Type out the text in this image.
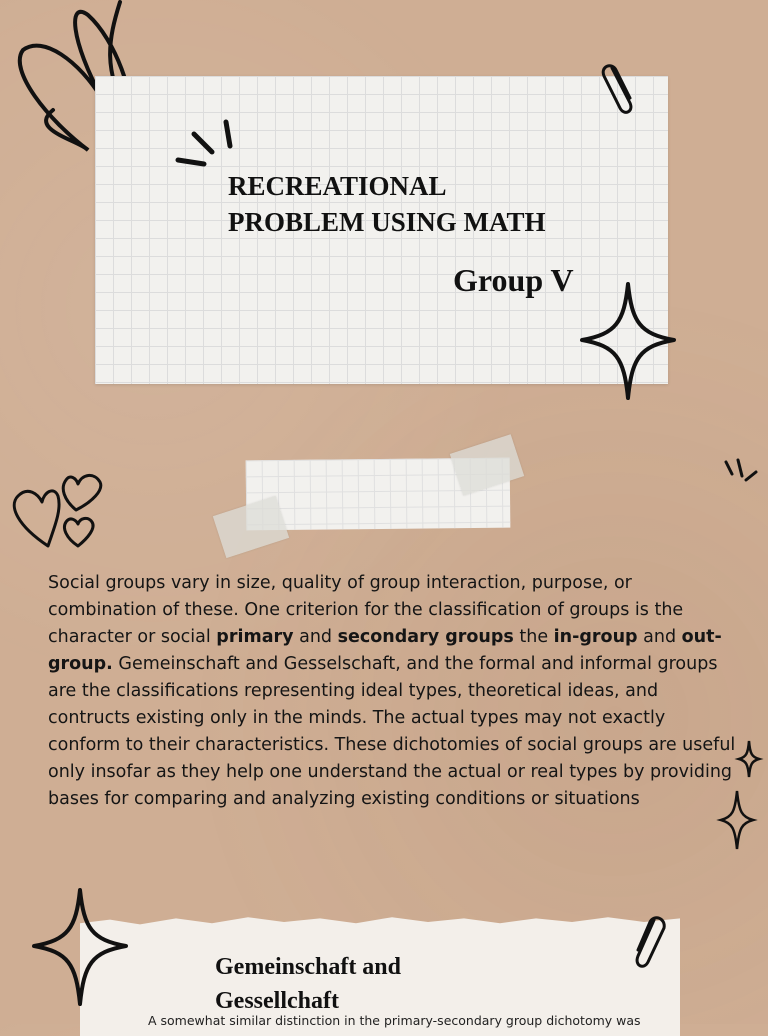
RECREATIONAL
PROBLEM USING MATH
Group V

Social groups vary in size, quality of group interaction, purpose, or combination of these. One criterion for the classification of groups is the character or social primary and secondary groups the in-group and out-group. Gemeinschaft and Gesselschaft, and the formal and informal groups are the classifications representing ideal types, theoretical ideas, and contructs existing only in the minds. The actual types may not exactly conform to their characteristics. These dichotomies of social groups are useful only insofar as they help one understand the actual or real types by providing bases for comparing and analyzing existing conditions or situations

Gemeinschaft and
Gessellchaft

A somewhat similar distinction in the primary-secondary group dichotomy was
